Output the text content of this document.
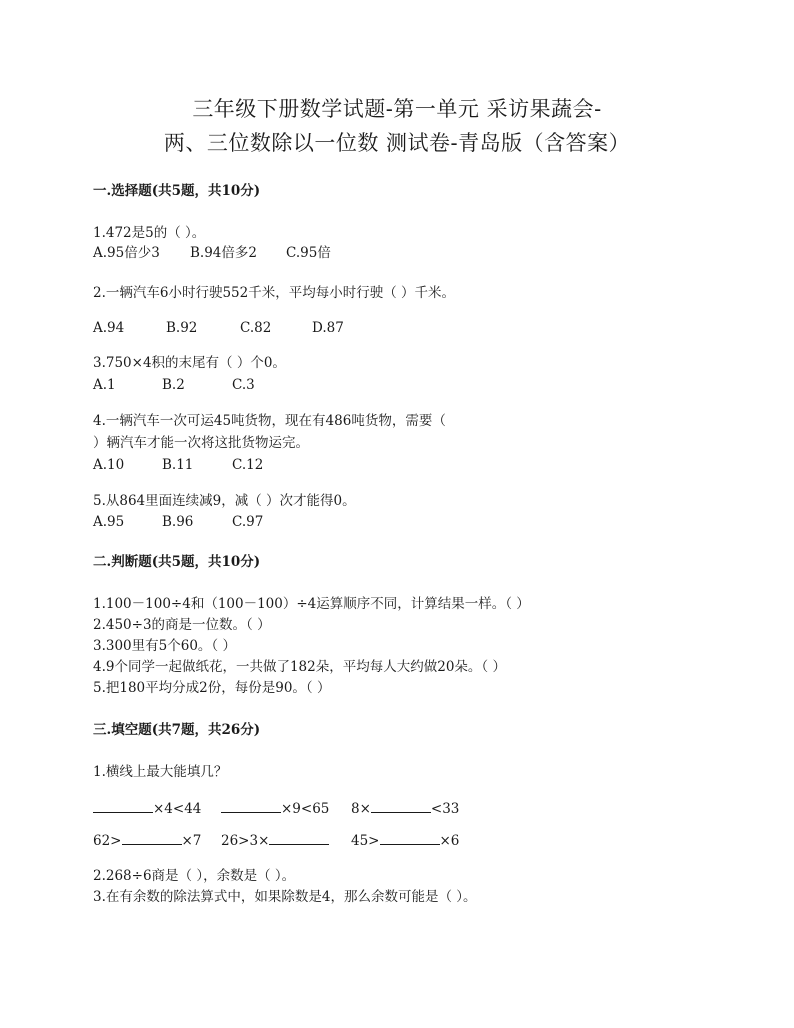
三年级下册数学试题-第一单元 采访果蔬会-
两、三位数除以一位数 测试卷-青岛版（含答案）
一.选择题(共5题，共10分)
1.472是5的（ ）。
A.95倍少3 B.94倍多2 C.95倍
2.一辆汽车6小时行驶552千米，平均每小时行驶（ ）千米。
A.94	B.92	C.82	D.87
3.750×4积的末尾有（ ）个0。
A.1	B.2	C.3
4.一辆汽车一次可运45吨货物，现在有486吨货物，需要（
）辆汽车才能一次将这批货物运完。
A.10	B.11	C.12
5.从864里面连续减9，减（ ）次才能得0。
A.95	B.96	C.97
二.判断题(共5题，共10分)
1.100－100÷4和（100－100）÷4运算顺序不同，计算结果一样。（ ）
2.450÷3的商是一位数。（ ）
3.300里有5个60。（ ）
4.9个同学一起做纸花，一共做了182朵，平均每人大约做20朵。（ ）
5.把180平均分成2份，每份是90。（ ）
三.填空题(共7题，共26分)
1.横线上最大能填几？
×4<44	×9<65 8×	<33
62>	×7 26>3×	45>	×6
2.268÷6商是（ ），余数是（ ）。
3.在有余数的除法算式中，如果除数是4，那么余数可能是（ ）。
